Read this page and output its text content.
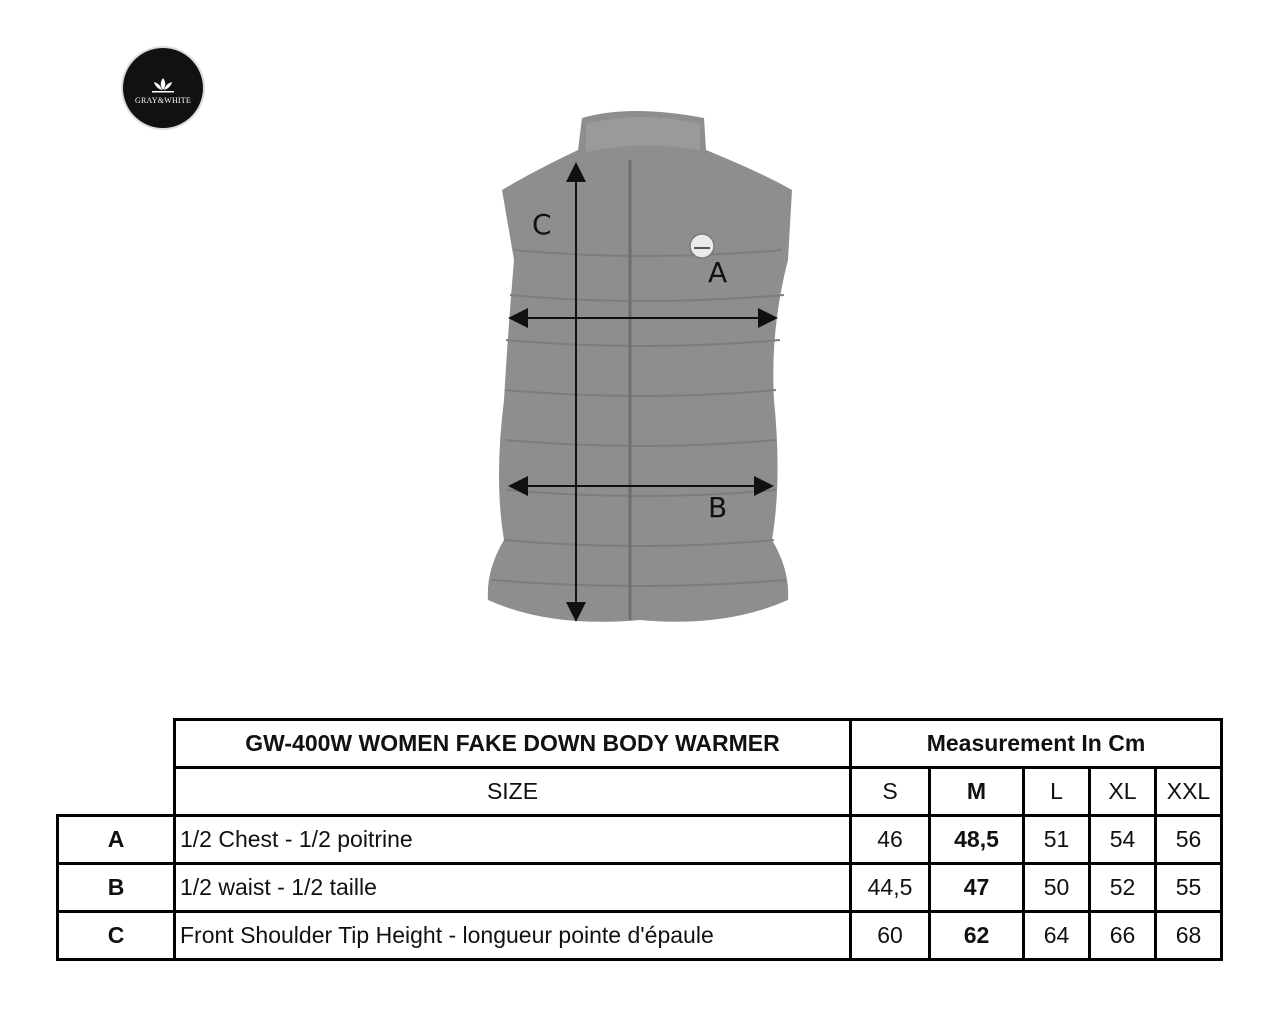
GRAY&WHITE
C
A
B
	GW-400W WOMEN FAKE DOWN BODY WARMER	Measurement In Cm				
	SIZE	S	M	L	XL	XXL
A	1/2 Chest - 1/2 poitrine	46	48,5	51	54	56
B	1/2 waist - 1/2 taille	44,5	47	50	52	55
C	Front Shoulder Tip Height - longueur pointe d'épaule	60	62	64	66	68
